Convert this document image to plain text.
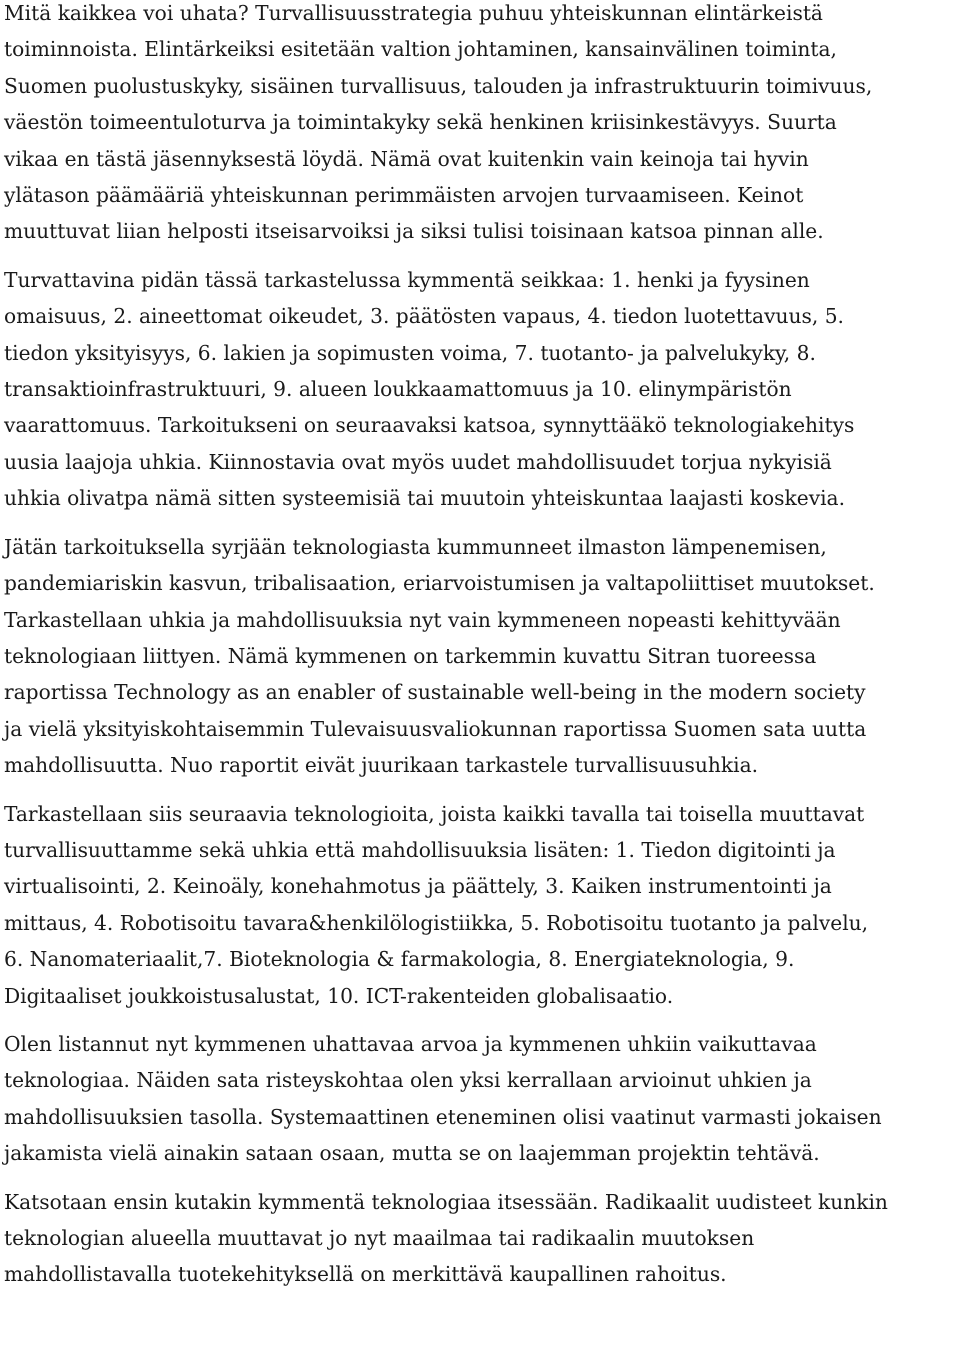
Mitä kaikkea voi uhata? Turvallisuusstrategia puhuu yhteiskunnan elintärkeistä
toiminnoista. Elintärkeiksi esitetään valtion johtaminen, kansainvälinen toiminta,
Suomen puolustuskyky, sisäinen turvallisuus, talouden ja infrastruktuurin toimivuus,
väestön toimeentuloturva ja toimintakyky sekä henkinen kriisinkestävyys. Suurta
vikaa en tästä jäsennyksestä löydä. Nämä ovat kuitenkin vain keinoja tai hyvin
ylätason päämääriä yhteiskunnan perimmäisten arvojen turvaamiseen. Keinot
muuttuvat liian helposti itseisarvoiksi ja siksi tulisi toisinaan katsoa pinnan alle.

Turvattavina pidän tässä tarkastelussa kymmentä seikkaa: 1. henki ja fyysinen
omaisuus, 2. aineettomat oikeudet, 3. päätösten vapaus, 4. tiedon luotettavuus, 5.
tiedon yksityisyys, 6. lakien ja sopimusten voima, 7. tuotanto- ja palvelukyky, 8.
transaktioinfrastruktuuri, 9. alueen loukkaamattomuus ja 10. elinympäristön
vaarattomuus. Tarkoitukseni on seuraavaksi katsoa, synnyttääkö teknologiakehitys
uusia laajoja uhkia. Kiinnostavia ovat myös uudet mahdollisuudet torjua nykyisiä
uhkia olivatpa nämä sitten systeemisiä tai muutoin yhteiskuntaa laajasti koskevia.

Jätän tarkoituksella syrjään teknologiasta kummunneet ilmaston lämpenemisen,
pandemiariskin kasvun, tribalisaation, eriarvoistumisen ja valtapoliittiset muutokset.
Tarkastellaan uhkia ja mahdollisuuksia nyt vain kymmeneen nopeasti kehittyvään
teknologiaan liittyen. Nämä kymmenen on tarkemmin kuvattu Sitran tuoreessa
raportissa Technology as an enabler of sustainable well-being in the modern society
ja vielä yksityiskohtaisemmin Tulevaisuusvaliokunnan raportissa Suomen sata uutta
mahdollisuutta. Nuo raportit eivät juurikaan tarkastele turvallisuusuhkia.

Tarkastellaan siis seuraavia teknologioita, joista kaikki tavalla tai toisella muuttavat
turvallisuuttamme sekä uhkia että mahdollisuuksia lisäten: 1. Tiedon digitointi ja
virtualisointi, 2. Keinoäly, konehahmotus ja päättely, 3. Kaiken instrumentointi ja
mittaus, 4. Robotisoitu tavara&henkilölogistiikka, 5. Robotisoitu tuotanto ja palvelu,
6. Nanomateriaalit,7. Bioteknologia & farmakologia, 8. Energiateknologia, 9.
Digitaaliset joukkoistusalustat, 10. ICT-rakenteiden globalisaatio.

Olen listannut nyt kymmenen uhattavaa arvoa ja kymmenen uhkiin vaikuttavaa
teknologiaa. Näiden sata risteyskohtaa olen yksi kerrallaan arvioinut uhkien ja
mahdollisuuksien tasolla. Systemaattinen eteneminen olisi vaatinut varmasti jokaisen
jakamista vielä ainakin sataan osaan, mutta se on laajemman projektin tehtävä.

Katsotaan ensin kutakin kymmentä teknologiaa itsessään. Radikaalit uudisteet kunkin
teknologian alueella muuttavat jo nyt maailmaa tai radikaalin muutoksen
mahdollistavalla tuotekehityksellä on merkittävä kaupallinen rahoitus.
